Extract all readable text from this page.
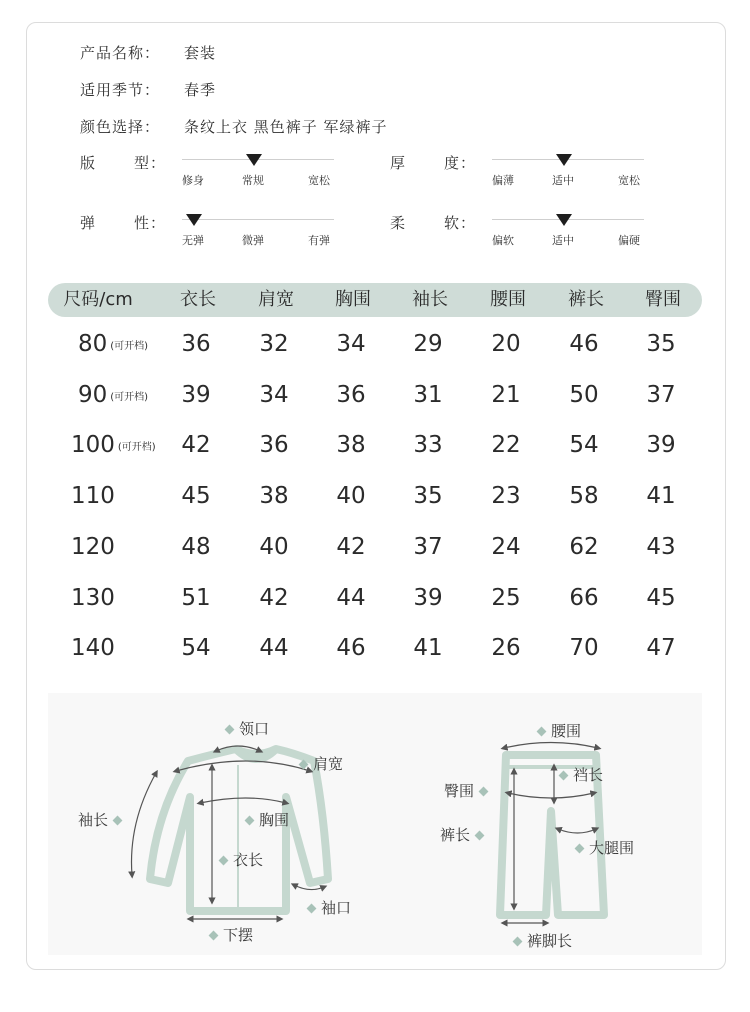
产品名称： 套装
适用季节： 春季
颜色选择： 条纹上衣 黑色裤子 军绿裤子
版	型 ：
修身	常规	宽松
厚	度 ：
偏薄	适中	宽松
弹	性 ：
无弹	微弹	有弹
柔	软 ：
偏软	适中	偏硬
尺码/cm	衣长	肩宽	胸围	袖长	腰围	裤长	臀围
80 (可开档)	36	32	34	29	20	46	35
90 (可开档)	39	34	36	31	21	50	37
100 (可开档)	42	36	38	33	22	54	39
110	45	38	40	35	23	58	41
120	48	40	42	37	24	62	43
130	51	42	44	39	25	66	45
140	54	44	46	41	26	70	47
领口
肩宽
袖长	胸围
衣长
袖口
下摆
腰围
臀围
裆长
裤长
大腿围
裤脚长
